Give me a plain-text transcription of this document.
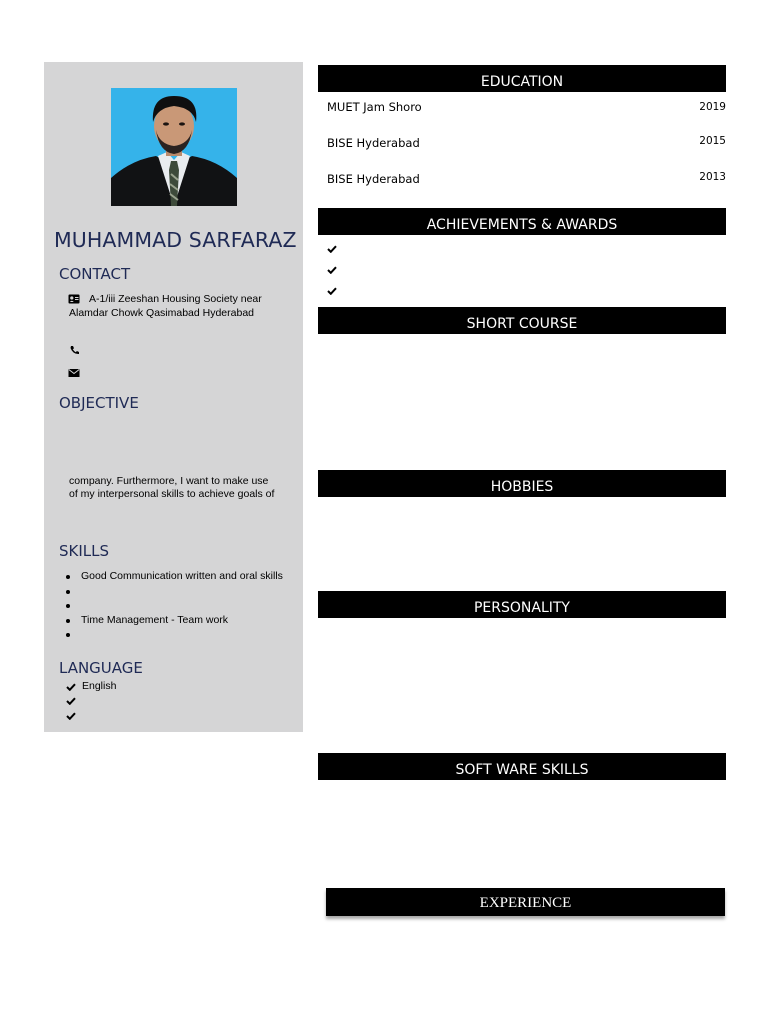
MUHAMMAD SARFARAZ
CONTACT
A-1/iii Zeeshan Housing Society near
Alamdar Chowk Qasimabad Hyderabad
OBJECTIVE
company. Furthermore, I want to make use
of my interpersonal skills to achieve goals of
SKILLS
Good Communication written and oral skills
Time Management - Team work
LANGUAGE
English
EDUCATION
MUET Jam Shoro	2019
BISE Hyderabad	2015
BISE Hyderabad	2013
ACHIEVEMENTS & AWARDS
SHORT COURSE
HOBBIES
PERSONALITY
SOFT WARE SKILLS
EXPERIENCE
